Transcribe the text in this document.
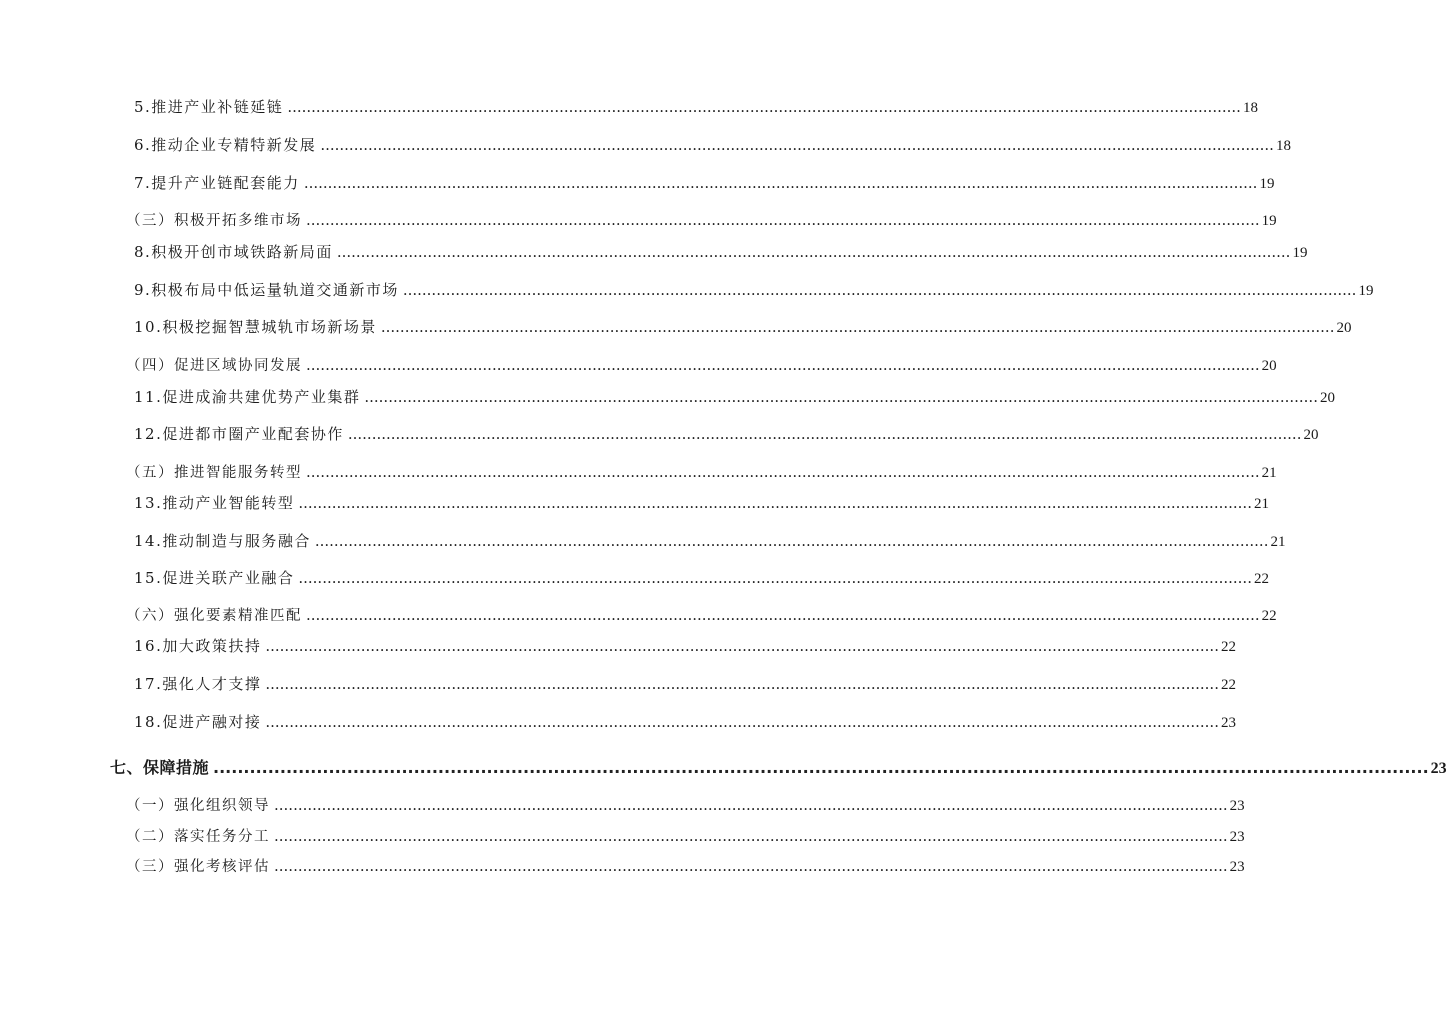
5.推进产业补链延链 ........................................................................................................................................................................................................ 18
6.推动企业专精特新发展 ........................................................................................................................................................................................................ 18
7.提升产业链配套能力 ........................................................................................................................................................................................................ 19
（三）积极开拓多维市场 ........................................................................................................................................................................................................ 19
8.积极开创市域铁路新局面 ........................................................................................................................................................................................................ 19
9.积极布局中低运量轨道交通新市场 ........................................................................................................................................................................................................ 19
10.积极挖掘智慧城轨市场新场景 ........................................................................................................................................................................................................ 20
（四）促进区域协同发展 ........................................................................................................................................................................................................ 20
11.促进成渝共建优势产业集群 ........................................................................................................................................................................................................ 20
12.促进都市圈产业配套协作 ........................................................................................................................................................................................................ 20
（五）推进智能服务转型 ........................................................................................................................................................................................................ 21
13.推动产业智能转型 ........................................................................................................................................................................................................ 21
14.推动制造与服务融合 ........................................................................................................................................................................................................ 21
15.促进关联产业融合 ........................................................................................................................................................................................................ 22
（六）强化要素精准匹配 ........................................................................................................................................................................................................ 22
16.加大政策扶持 ........................................................................................................................................................................................................ 22
17.强化人才支撑 ........................................................................................................................................................................................................ 22
18.促进产融对接 ........................................................................................................................................................................................................ 23
七、保障措施 ........................................................................................................................................................................................................ 23
（一）强化组织领导 ........................................................................................................................................................................................................ 23
（二）落实任务分工 ........................................................................................................................................................................................................ 23
（三）强化考核评估 ........................................................................................................................................................................................................ 23
